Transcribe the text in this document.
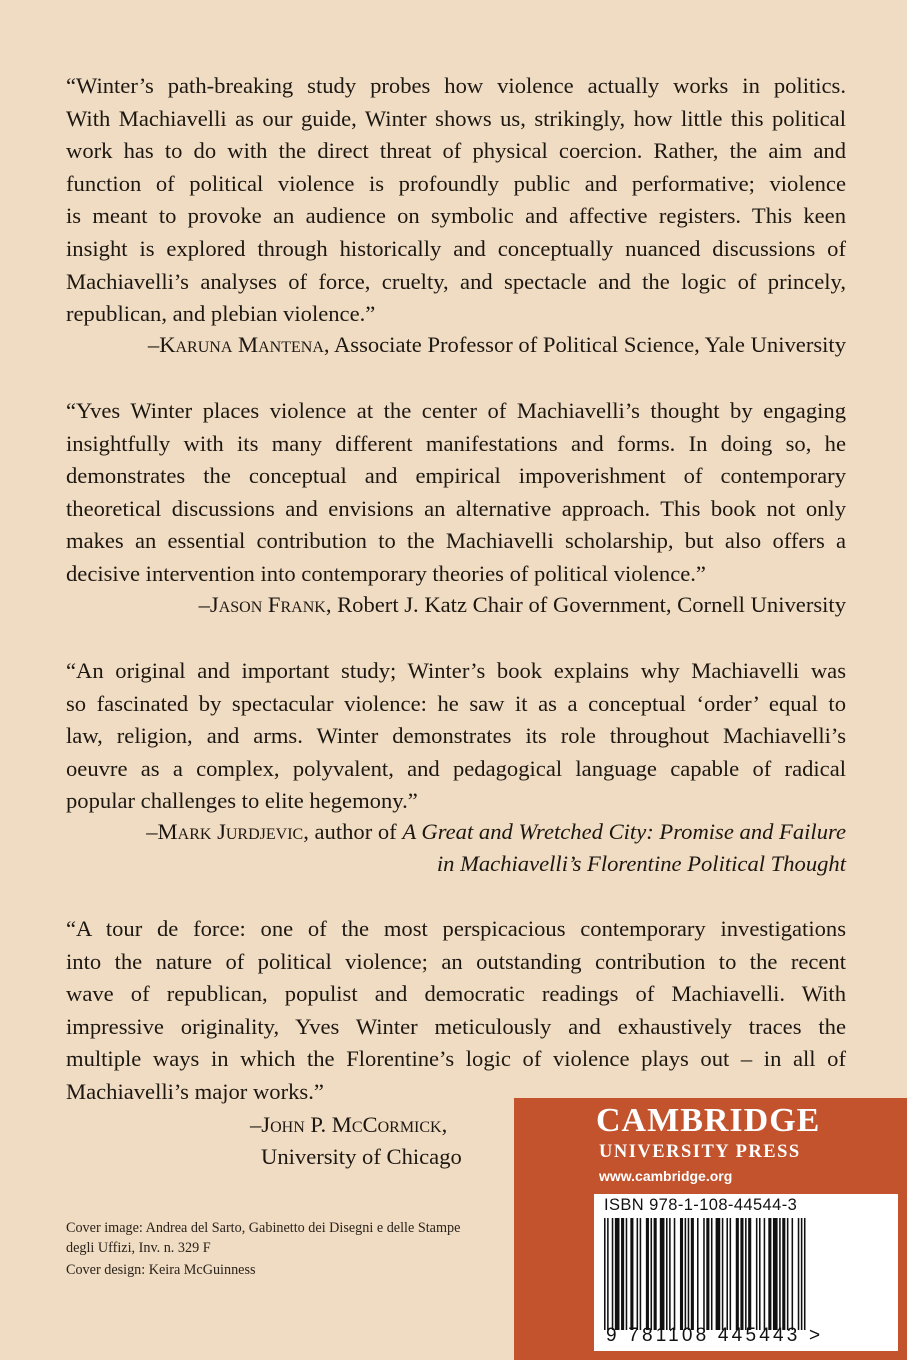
“Winter’s path-breaking study probes how violence actually works in politics.
With Machiavelli as our guide, Winter shows us, strikingly, how little this political
work has to do with the direct threat of physical coercion. Rather, the aim and
function of political violence is profoundly public and performative; violence
is meant to provoke an audience on symbolic and affective registers. This keen
insight is explored through historically and conceptually nuanced discussions of
Machiavelli’s analyses of force, cruelty, and spectacle and the logic of princely,
republican, and plebian violence.”

–Karuna Mantena, Associate Professor of Political Science, Yale University

“Yves Winter places violence at the center of Machiavelli’s thought by engaging
insightfully with its many different manifestations and forms. In doing so, he
demonstrates the conceptual and empirical impoverishment of contemporary
theoretical discussions and envisions an alternative approach. This book not only
makes an essential contribution to the Machiavelli scholarship, but also offers a
decisive intervention into contemporary theories of political violence.”

–Jason Frank, Robert J. Katz Chair of Government, Cornell University

“An original and important study; Winter’s book explains why Machiavelli was
so fascinated by spectacular violence: he saw it as a conceptual ‘order’ equal to
law, religion, and arms. Winter demonstrates its role throughout Machiavelli’s
oeuvre as a complex, polyvalent, and pedagogical language capable of radical
popular challenges to elite hegemony.”

–Mark Jurdjevic, author of A Great and Wretched City: Promise and Failure

in Machiavelli’s Florentine Political Thought

“A tour de force: one of the most perspicacious contemporary investigations
into the nature of political violence; an outstanding contribution to the recent
wave of republican, populist and democratic readings of Machiavelli. With
impressive originality, Yves Winter meticulously and exhaustively traces the
multiple ways in which the Florentine’s logic of violence plays out – in all of
Machiavelli’s major works.”
–John P. McCormick,
University of Chicago
Cover image: Andrea del Sarto, Gabinetto dei Disegni e delle Stampe
degli Uffizi, Inv. n. 329 F
Cover design: Keira McGuinness
CAMBRIDGE
UNIVERSITY PRESS
www.cambridge.org
ISBN 978-1-108-44544-3
9 781108 445443 >
